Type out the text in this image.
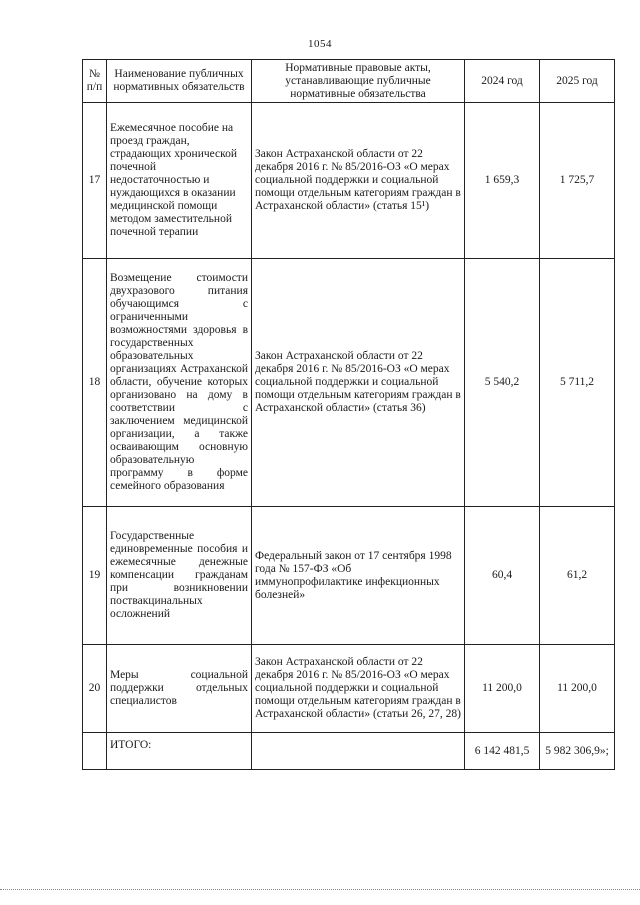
1054
№ п/п	Наименование публичных нормативных обязательств	Нормативные правовые акты, устанавливающие публичные нормативные обязательства	2024 год	2025 год
17	Ежемесячное пособие на проезд граждан, страдающих хронической почечной недостаточностью и нуждающихся в оказании медицинской помощи методом заместительной почечной терапии	Закон Астраханской области от 22 декабря 2016 г. № 85/2016-ОЗ «О мерах социальной поддержки и социальной помощи отдельным категориям граждан в Астраханской области» (статья 15¹)	1 659,3	1 725,7
18	Возмещение стоимости двухразового питания обучающимся с ограниченными возможностями здоровья в государственных образовательных организациях Астраханской области, обучение которых организовано на дому в соответствии с заключением медицинской организации, а также осваивающим основную образовательную программу в форме семейного образования	Закон Астраханской области от 22 декабря 2016 г. № 85/2016-ОЗ «О мерах социальной поддержки и социальной помощи отдельным категориям граждан в Астраханской области» (статья 36)	5 540,2	5 711,2
19	Государственные единовременные пособия и ежемесячные денежные компенсации гражданам при возникновении поствакцинальных осложнений	Федеральный закон от 17 сентября 1998 года № 157-ФЗ «Об иммунопрофилактике инфекционных болезней»	60,4	61,2
20	Меры социальной поддержки отдельных специалистов	Закон Астраханской области от 22 декабря 2016 г. № 85/2016-ОЗ «О мерах социальной поддержки и социальной помощи отдельным категориям граждан в Астраханской области» (статьи 26, 27, 28)	11 200,0	11 200,0
	ИТОГО:		6 142 481,5	5 982 306,9»;
